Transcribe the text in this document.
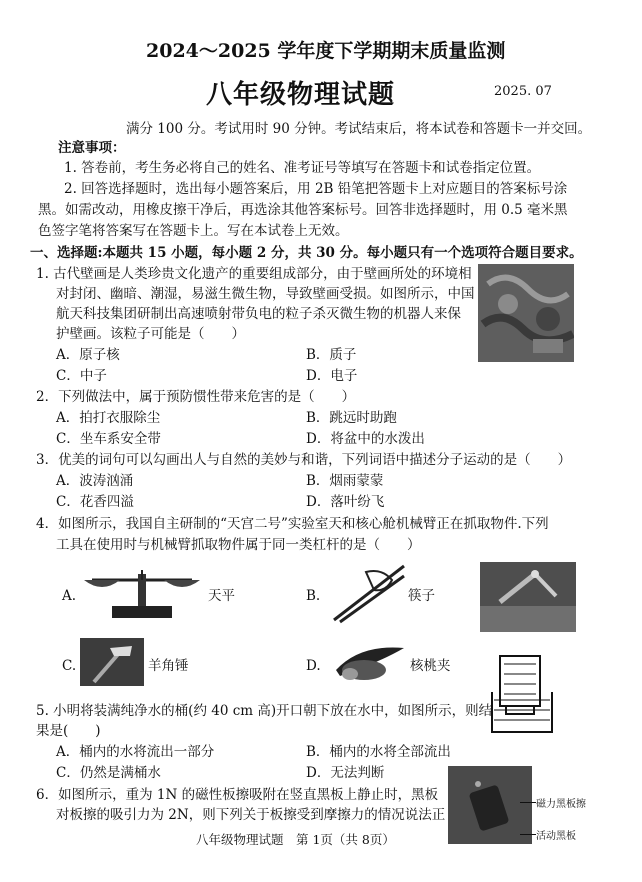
2024～2025 学年度下学期期末质量监测
八年级物理试题	2025. 07
满分 100 分。考试用时 90 分钟。考试结束后，将本试卷和答题卡一并交回。
注意事项：
1. 答卷前，考生务必将自己的姓名、准考证号等填写在答题卡和试卷指定位置。
2. 回答选择题时，选出每小题答案后，用 2B 铅笔把答题卡上对应题目的答案标号涂
黑。如需改动，用橡皮擦干净后，再选涂其他答案标号。回答非选择题时，用 0.5 毫米黑
色签字笔将答案写在答题卡上。写在本试卷上无效。
一、选择题:本题共 15 小题，每小题 2 分，共 30 分。每小题只有一个选项符合题目要求。
1. 古代壁画是人类珍贵文化遗产的重要组成部分，由于壁画所处的环境相
对封闭、幽暗、潮湿，易滋生微生物，导致壁画受损。如图所示，中国
航天科技集团研制出高速喷射带负电的粒子杀灭微生物的机器人来保
护壁画。该粒子可能是（　　）
A．原子核	B．质子
C．中子	D．电子
2．下列做法中，属于预防惯性带来危害的是（　　）
A．拍打衣服除尘	B．跳远时助跑
C．坐车系安全带	D．将盆中的水泼出
3．优美的词句可以勾画出人与自然的美妙与和谐，下列词语中描述分子运动的是（　　）
A．波涛汹涌	B．烟雨蒙蒙
C．花香四溢	D．落叶纷飞
4．如图所示，我国自主研制的“天宫二号”实验室天和核心舱机械臂正在抓取物件.下列
工具在使用时与机械臂抓取物件属于同一类杠杆的是（　　）
A.	天平	B.	筷子
C.	羊角锤	D.	核桃夹
5. 小明将装满纯净水的桶(约 40 cm 高)开口朝下放在水中，如图所示，则结
果是(　　)
A．桶内的水将流出一部分	B．桶内的水将全部流出
C．仍然是满桶水	D．无法判断
6．如图所示，重为 1N 的磁性板擦吸附在竖直黑板上静止时，黑板
对板擦的吸引力为 2N，则下列关于板擦受到摩擦力的情况说法正
磁力黑板擦
活动黑板
八年级物理试题　第 1页（共 8页）
